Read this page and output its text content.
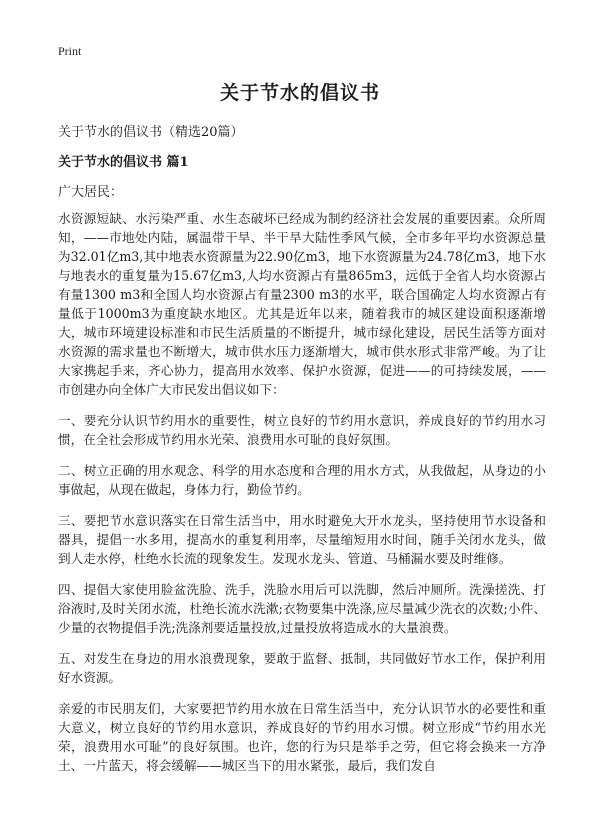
Print
关于节水的倡议书
关于节水的倡议书（精选20篇）
关于节水的倡议书 篇1
广大居民：

水资源短缺、水污染严重、水生态破坏已经成为制约经济社会发展的重要因素。众所周知，——市地处内陆，属温带干旱、半干旱大陆性季风气候，全市多年平均水资源总量为32.01亿m3,其中地表水资源量为22.90亿m3，地下水资源量为24.78亿m3，地下水与地表水的重复量为15.67亿m3,人均水资源占有量865m3，远低于全省人均水资源占有量1300 m3和全国人均水资源占有量2300 m3的水平，联合国确定人均水资源占有量低于1000m3为重度缺水地区。尤其是近年以来，随着我市的城区建设面积逐渐增大，城市环境建设标准和市民生活质量的不断提升，城市绿化建设，居民生活等方面对水资源的需求量也不断增大，城市供水压力逐渐增大，城市供水形式非常严峻。为了让大家携起手来，齐心协力，提高用水效率、保护水资源，促进——的可持续发展，——市创建办向全体广大市民发出倡议如下：

一、要充分认识节约用水的重要性，树立良好的节约用水意识，养成良好的节约用水习惯，在全社会形成节约用水光荣、浪费用水可耻的良好氛围。

二、树立正确的用水观念、科学的用水态度和合理的用水方式，从我做起，从身边的小事做起，从现在做起，身体力行，勤俭节约。

三、要把节水意识落实在日常生活当中，用水时避免大开水龙头，坚持使用节水设备和器具，提倡一水多用，提高水的重复利用率，尽量缩短用水时间，随手关闭水龙头，做到人走水停，杜绝水长流的现象发生。发现水龙头、管道、马桶漏水要及时维修。

四、提倡大家使用脸盆洗脸、洗手，洗脸水用后可以洗脚，然后冲厕所。洗澡搓洗、打浴液时,及时关闭水流，杜绝长流水洗漱;衣物要集中洗涤,应尽量减少洗衣的次数;小件、少量的衣物提倡手洗;洗涤剂要适量投放,过量投放将造成水的大量浪费。

五、对发生在身边的用水浪费现象，要敢于监督、抵制，共同做好节水工作，保护利用好水资源。

亲爱的市民朋友们，大家要把节约用水放在日常生活当中，充分认识节水的必要性和重大意义，树立良好的节约用水意识，养成良好的节约用水习惯。树立形成“节约用水光荣，浪费用水可耻”的良好氛围。也许，您的行为只是举手之劳，但它将会换来一方净土、一片蓝天，将会缓解——城区当下的用水紧张，最后，我们发自
